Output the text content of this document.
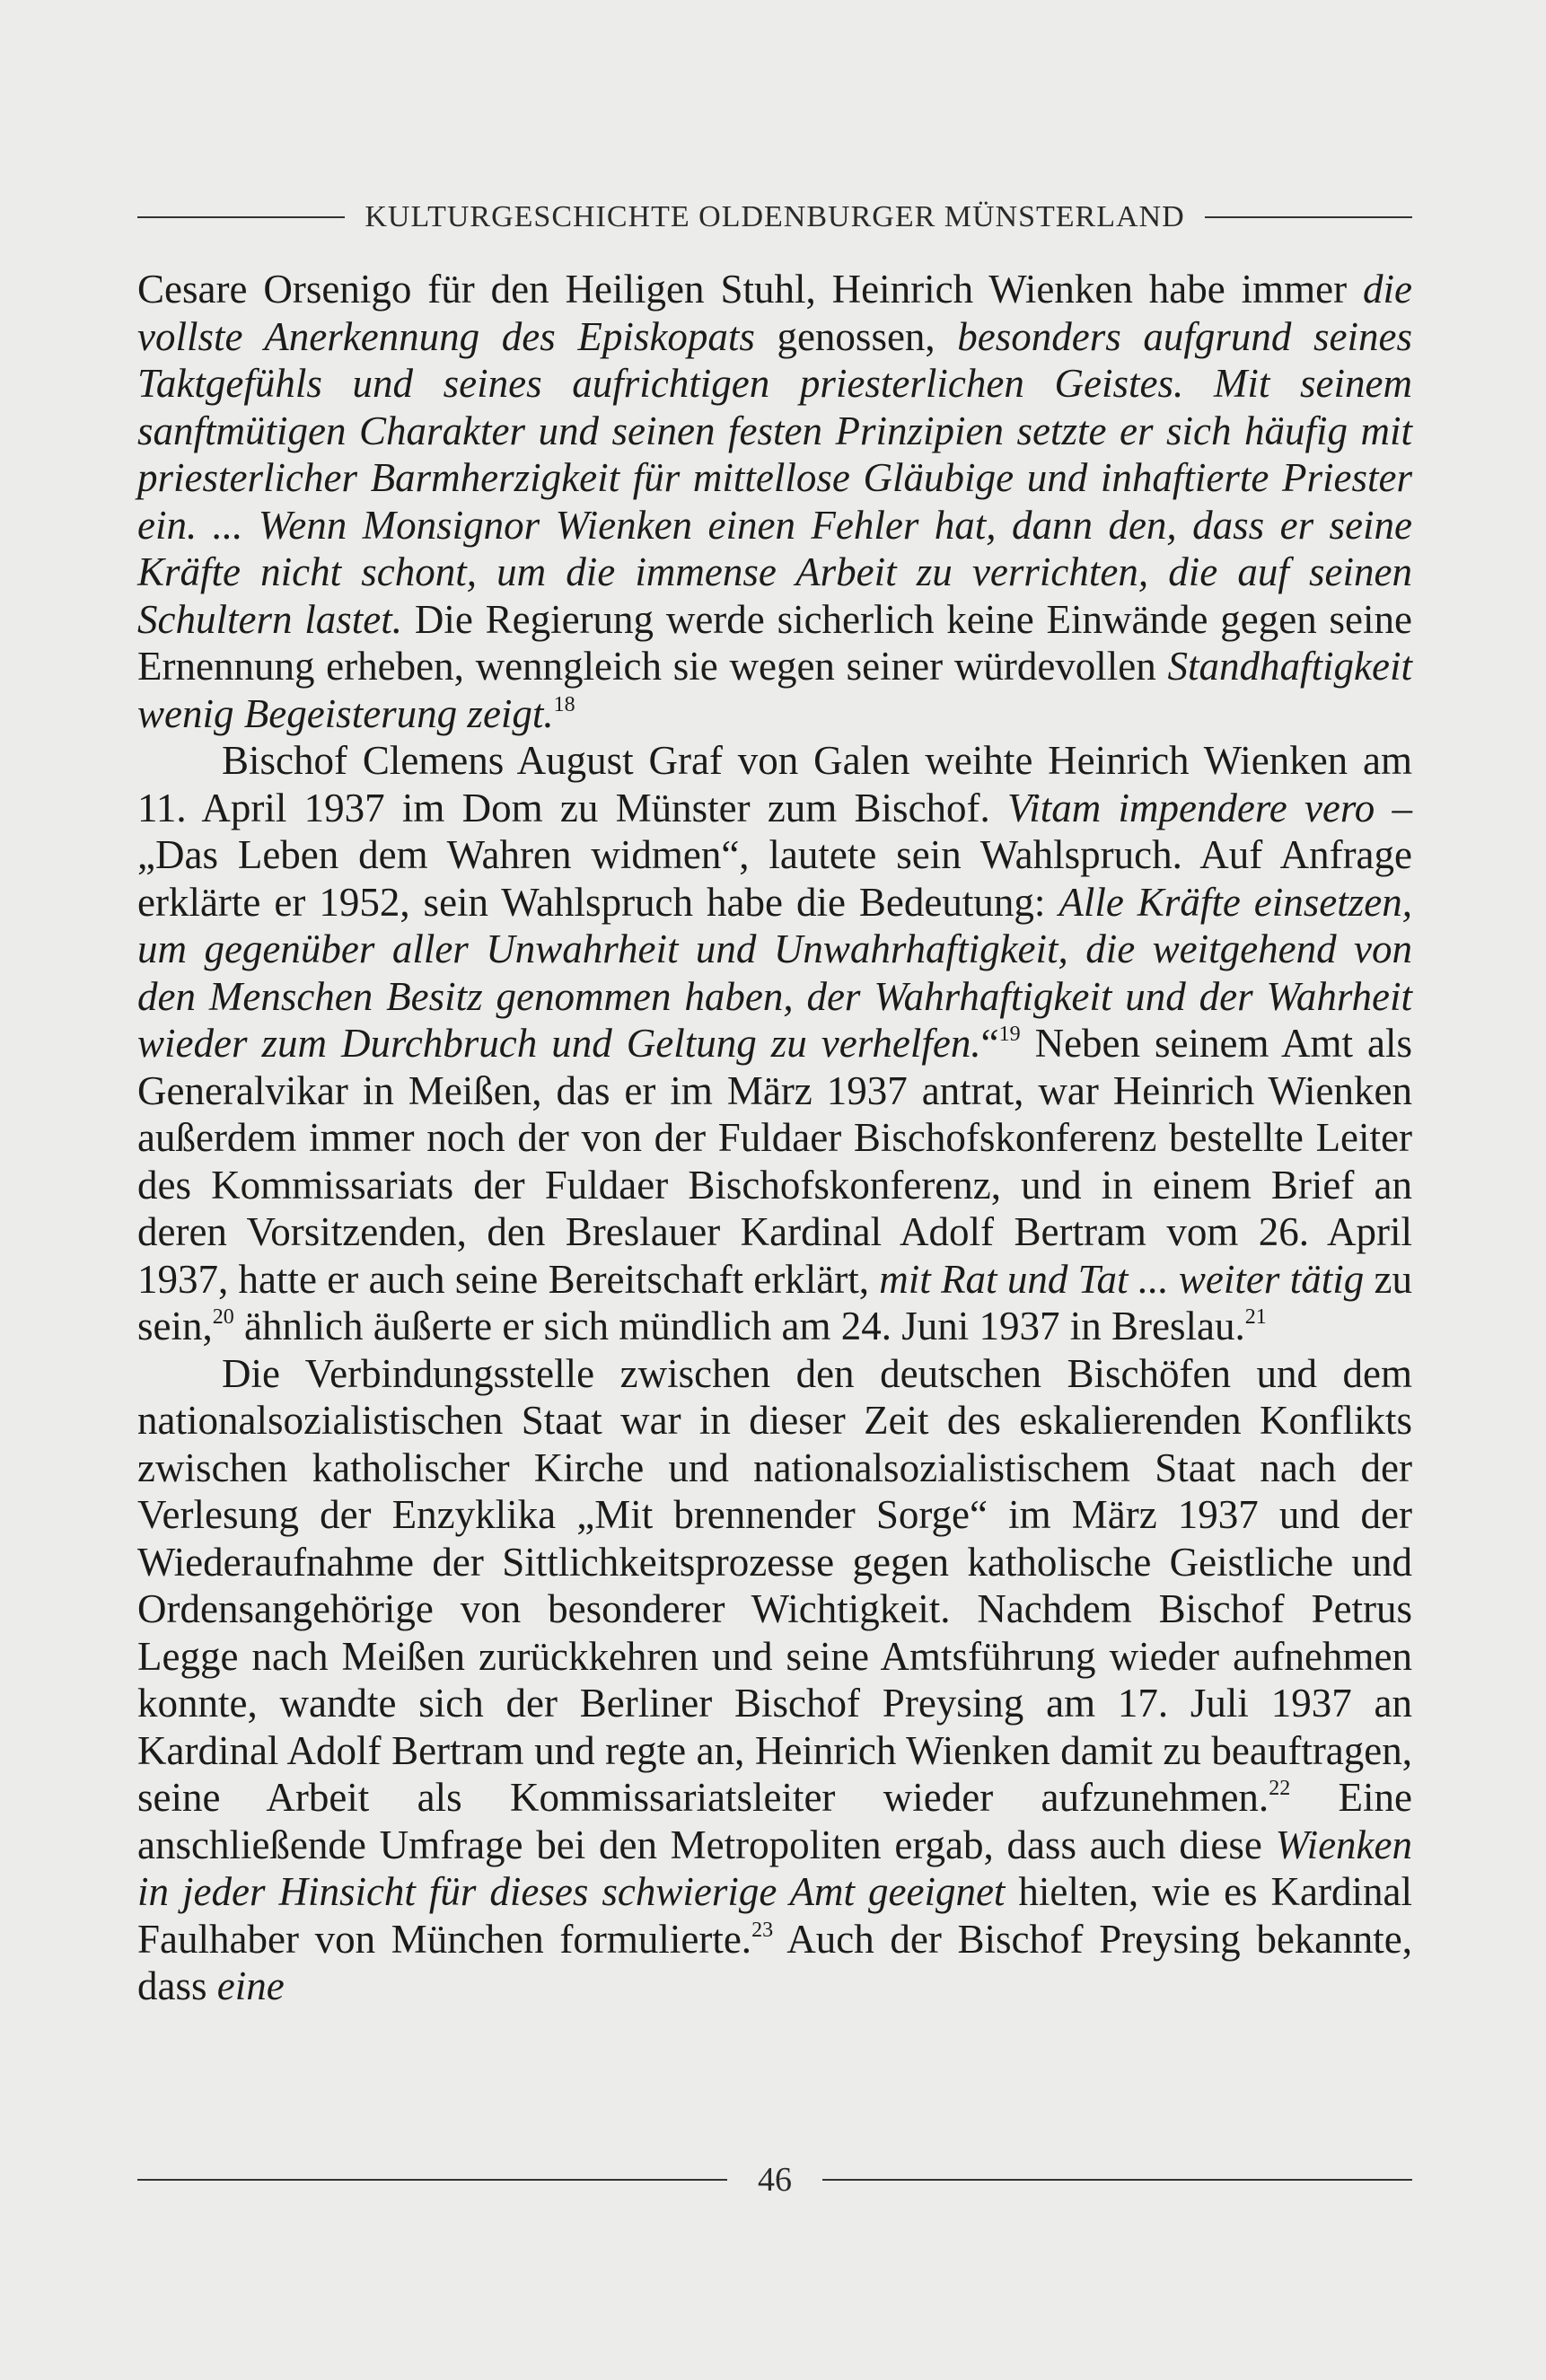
KULTURGESCHICHTE OLDENBURGER MÜNSTERLAND

Cesare Orsenigo für den Heiligen Stuhl, Heinrich Wienken habe immer die vollste Anerkennung des Episkopats genossen, besonders aufgrund seines Taktgefühls und seines aufrichtigen priesterlichen Geistes. Mit seinem sanftmütigen Charakter und seinen festen Prinzipien setzte er sich häufig mit priesterlicher Barmherzigkeit für mittellose Gläubige und inhaftierte Priester ein. ... Wenn Monsignor Wienken einen Fehler hat, dann den, dass er seine Kräfte nicht schont, um die immense Arbeit zu verrichten, die auf seinen Schultern lastet. Die Regierung werde sicherlich keine Einwände gegen seine Ernennung erheben, wenngleich sie wegen seiner würdevollen Standhaftigkeit wenig Begeisterung zeigt.$^{18}$

Bischof Clemens August Graf von Galen weihte Heinrich Wienken am 11. April 1937 im Dom zu Münster zum Bischof. Vitam impendere vero – „Das Leben dem Wahren widmen“, lautete sein Wahlspruch. Auf Anfrage erklärte er 1952, sein Wahlspruch habe die Bedeutung: Alle Kräfte einsetzen, um gegenüber aller Unwahrheit und Unwahrhaftigkeit, die weitgehend von den Menschen Besitz genommen haben, der Wahrhaftigkeit und der Wahrheit wieder zum Durchbruch und Geltung zu verhelfen.“$^{19}$ Neben seinem Amt als Generalvikar in Meißen, das er im März 1937 antrat, war Heinrich Wienken außerdem immer noch der von der Fuldaer Bischofskonferenz bestellte Leiter des Kommissariats der Fuldaer Bischofskonferenz, und in einem Brief an deren Vorsitzenden, den Breslauer Kardinal Adolf Bertram vom 26. April 1937, hatte er auch seine Bereitschaft erklärt, mit Rat und Tat ... weiter tätig zu sein,$^{20}$ ähnlich äußerte er sich mündlich am 24. Juni 1937 in Breslau.$^{21}$

Die Verbindungsstelle zwischen den deutschen Bischöfen und dem nationalsozialistischen Staat war in dieser Zeit des eskalierenden Konflikts zwischen katholischer Kirche und nationalsozialistischem Staat nach der Verlesung der Enzyklika „Mit brennender Sorge“ im März 1937 und der Wiederaufnahme der Sittlichkeitsprozesse gegen katholische Geistliche und Ordensangehörige von besonderer Wichtigkeit. Nachdem Bischof Petrus Legge nach Meißen zurückkehren und seine Amtsführung wieder aufnehmen konnte, wandte sich der Berliner Bischof Preysing am 17. Juli 1937 an Kardinal Adolf Bertram und regte an, Heinrich Wienken damit zu beauftragen, seine Arbeit als Kommissariatsleiter wieder aufzunehmen.$^{22}$ Eine anschließende Umfrage bei den Metropoliten ergab, dass auch diese Wienken in jeder Hinsicht für dieses schwierige Amt geeignet hielten, wie es Kardinal Faulhaber von München formulierte.$^{23}$ Auch der Bischof Preysing bekannte, dass eine

46
